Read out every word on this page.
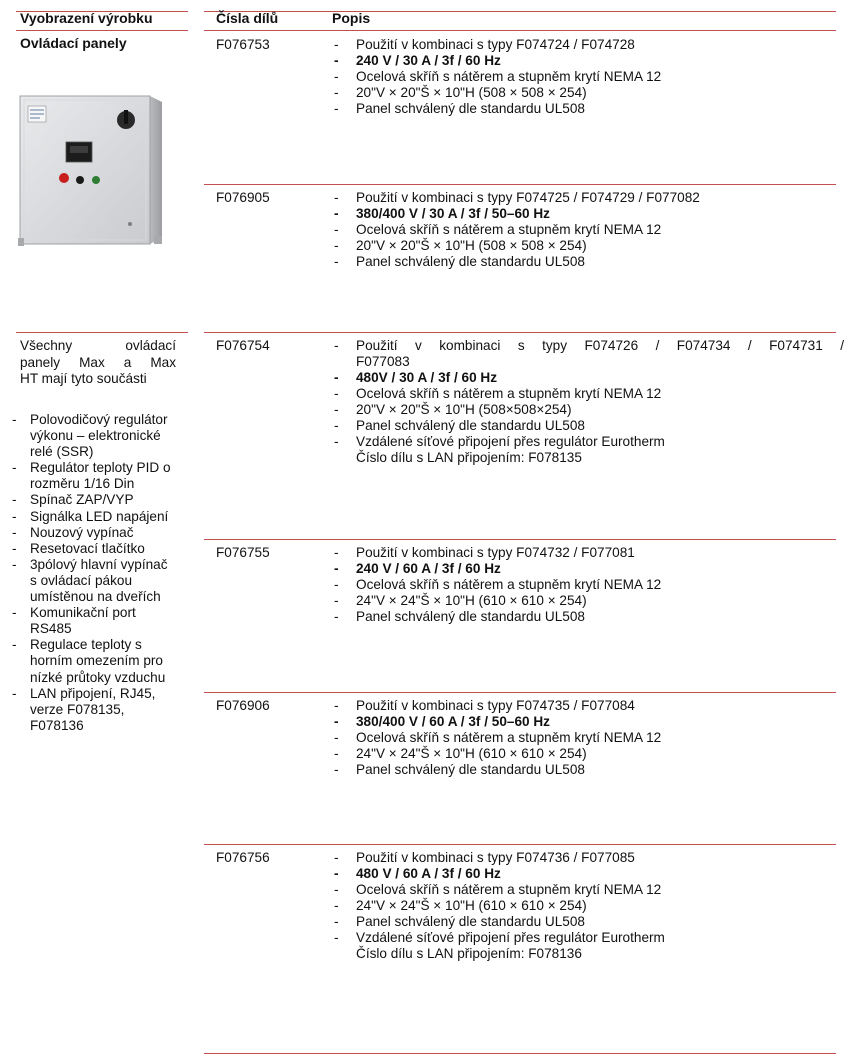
Vyobrazení výrobku	Čísla dílů	Popis
Ovládací panely
Všechny	ovládací
panely Max a Max
HT mají tyto součásti
- Polovodičový regulátor výkonu – elektronické relé (SSR)
- Regulátor teploty PID o rozměru 1/16 Din
- Spínač ZAP/VYP
- Signálka LED napájení
- Nouzový vypínač
- Resetovací tlačítko
- 3pólový hlavní vypínač s ovládací pákou umístěnou na dveřích
- Komunikační port RS485
- Regulace teploty s horním omezením pro nízké průtoky vzduchu
- LAN připojení, RJ45, verze F078135, F078136
F076753	- Použití v kombinaci s typy F074724 / F074728
- 240 V / 30 A / 3f / 60 Hz
- Ocelová skříň s nátěrem a stupněm krytí NEMA 12
- 20"V × 20"Š × 10"H (508 × 508 × 254)
- Panel schválený dle standardu UL508
F076905	- Použití v kombinaci s typy F074725 / F074729 / F077082
- 380/400 V / 30 A / 3f / 50–60 Hz
- Ocelová skříň s nátěrem a stupněm krytí NEMA 12
- 20"V × 20"Š × 10"H (508 × 508 × 254)
- Panel schválený dle standardu UL508
F076754	- Použití v kombinaci s typy F074726 / F074734 / F074731 /
F077083
- 480V / 30 A / 3f / 60 Hz
- Ocelová skříň s nátěrem a stupněm krytí NEMA 12
- 20"V × 20"Š × 10"H (508×508×254)
- Panel schválený dle standardu UL508
- Vzdálené síťové připojení přes regulátor Eurotherm
Číslo dílu s LAN připojením: F078135
F076755	- Použití v kombinaci s typy F074732 / F077081
- 240 V / 60 A / 3f / 60 Hz
- Ocelová skříň s nátěrem a stupněm krytí NEMA 12
- 24"V × 24"Š × 10"H (610 × 610 × 254)
- Panel schválený dle standardu UL508
F076906	- Použití v kombinaci s typy F074735 / F077084
- 380/400 V / 60 A / 3f / 50–60 Hz
- Ocelová skříň s nátěrem a stupněm krytí NEMA 12
- 24"V × 24"Š × 10"H (610 × 610 × 254)
- Panel schválený dle standardu UL508
F076756	- Použití v kombinaci s typy F074736 / F077085
- 480 V / 60 A / 3f / 60 Hz
- Ocelová skříň s nátěrem a stupněm krytí NEMA 12
- 24"V × 24"Š × 10"H (610 × 610 × 254)
- Panel schválený dle standardu UL508
- Vzdálené síťové připojení přes regulátor Eurotherm
Číslo dílu s LAN připojením: F078136
